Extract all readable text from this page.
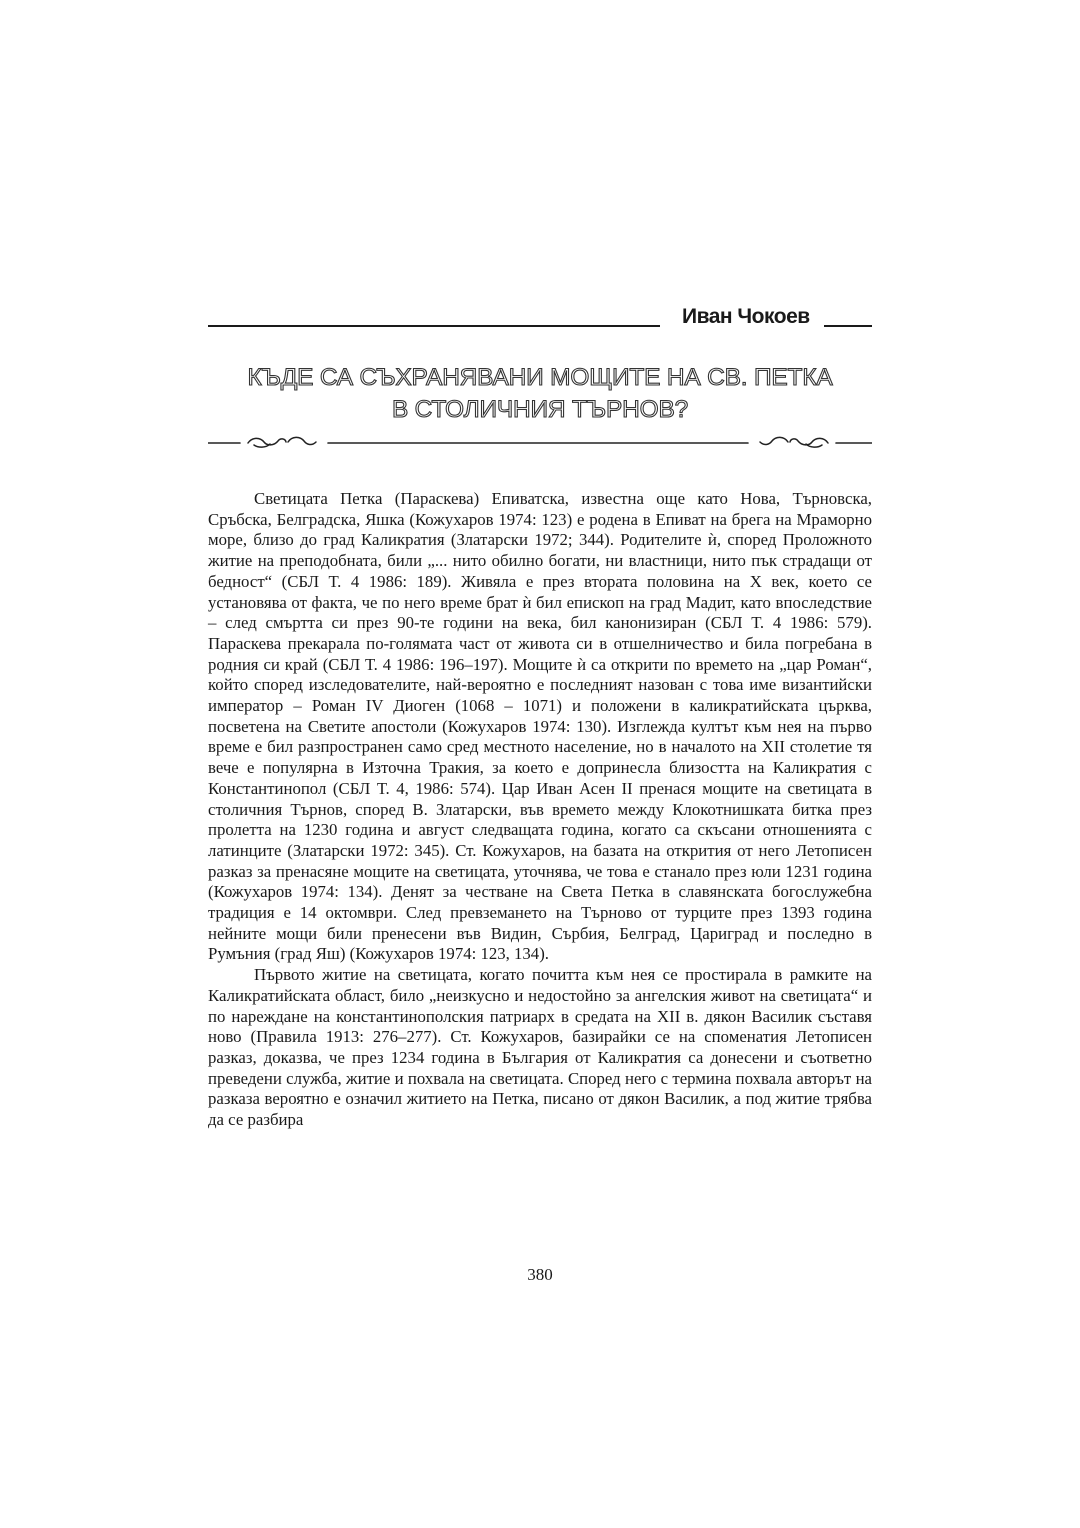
Иван Чокоев
КЪДЕ СА СЪХРАНЯВАНИ МОЩИТЕ НА СВ. ПЕТКА
В СТОЛИЧНИЯ ТЪРНОВ?

Светицата Петка (Параскева) Епиватска, известна още като Нова, Търновска, Сръбска, Белградска, Яшка (Кожухаров 1974: 123) е родена в Епиват на брега на Мраморно море, близо до град Каликратия (Златарски 1972; 344). Родителите ѝ, според Проложното житие на преподобната, били „... нито обилно богати, ни властници, нито пък страдащи от бедност“ (СБЛ Т. 4 1986: 189). Живяла е през втората половина на X век, което се установява от факта, че по него време брат ѝ бил епископ на град Мадит, като впоследствие – след смъртта си през 90-те години на века, бил канонизиран (СБЛ Т. 4 1986: 579). Параскева прекарала по-голямата част от живота си в отшелничество и била погребана в родния си край (СБЛ Т. 4 1986: 196–197). Мощите ѝ са открити по времето на „цар Роман“, който според изследователите, най-вероятно е последният назован с това име византийски император – Роман IV Диоген (1068 – 1071) и положени в каликратийската църква, посветена на Светите апостоли (Кожухаров 1974: 130). Изглежда култът към нея на първо време е бил разпространен само сред местното население, но в началото на XII столетие тя вече е популярна в Източна Тракия, за което е допринесла близостта на Каликратия с Константинопол (СБЛ Т. 4, 1986: 574). Цар Иван Асен II пренася мощите на светицата в столичния Търнов, според В. Златарски, във времето между Клокотнишката битка през пролетта на 1230 година и август следващата година, когато са скъсани отношенията с латинците (Златарски 1972: 345). Ст. Кожухаров, на базата на открития от него Летописен разказ за пренасяне мощите на светицата, уточнява, че това е станало през юли 1231 година (Кожухаров 1974: 134). Денят за честване на Света Петка в славянската богослужебна традиция е 14 октомври. След превземането на Търново от турците през 1393 година нейните мощи били пренесени във Видин, Сърбия, Белград, Цариград и последно в Румъния (град Яш) (Кожухаров 1974: 123, 134).

Първото житие на светицата, когато почитта към нея се простирала в рамките на Каликратийската област, било „неизкусно и недостойно за ангелския живот на светицата“ и по нареждане на константинополския патриарх в средата на XII в. дякон Василик съставя ново (Правила 1913: 276–277). Ст. Кожухаров, базирайки се на споменатия Летописен разказ, доказва, че през 1234 година в България от Каликратия са донесени и съответно преведени служба, житие и похвала на светицата. Според него с термина похвала авторът на разказа вероятно е означил житието на Петка, писано от дякон Василик, а под житие трябва да се разбира

380
